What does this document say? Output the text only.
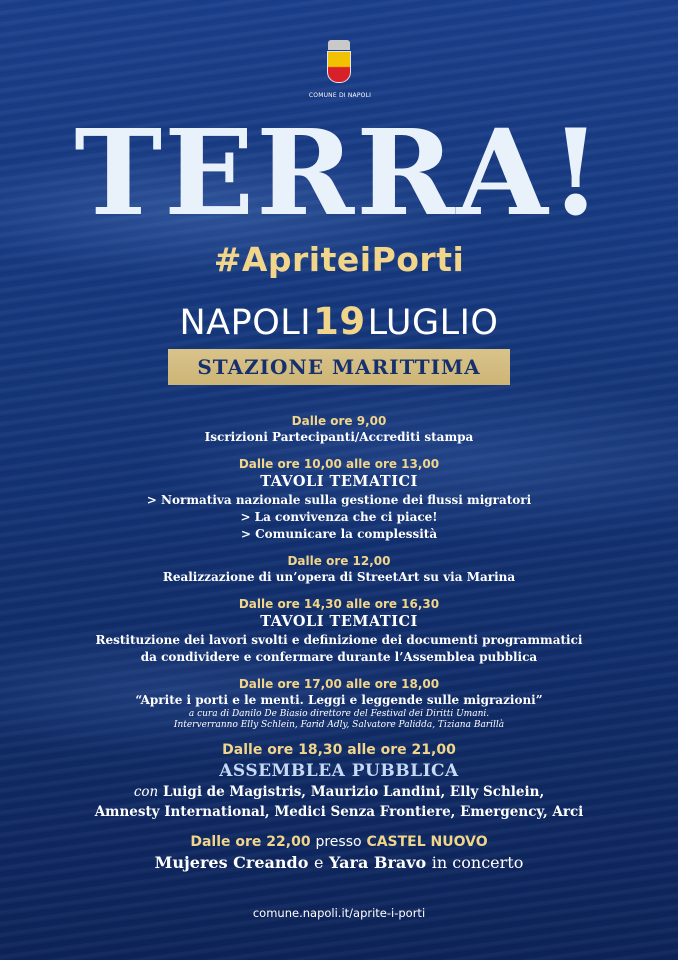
COMUNE DI NAPOLI
TERRA!
#ApriteiPorti
NAPOLI19LUGLIO
STAZIONE MARITTIMA
Dalle ore 9,00
Iscrizioni Partecipanti/Accrediti stampa
Dalle ore 10,00 alle ore 13,00
TAVOLI TEMATICI
> Normativa nazionale sulla gestione dei flussi migratori
> La convivenza che ci piace!
> Comunicare la complessità
Dalle ore 12,00
Realizzazione di un’opera di StreetArt su via Marina
Dalle ore 14,30 alle ore 16,30
TAVOLI TEMATICI
Restituzione dei lavori svolti e definizione dei documenti programmatici
da condividere e confermare durante l’Assemblea pubblica
Dalle ore 17,00 alle ore 18,00
“Aprite i porti e le menti. Leggi e leggende sulle migrazioni”
a cura di Danilo De Biasio direttore del Festival dei Diritti Umani.
Interverranno Elly Schlein, Farid Adly, Salvatore Palidda, Tiziana Barillà
Dalle ore 18,30 alle ore 21,00
ASSEMBLEA PUBBLICA
con Luigi de Magistris, Maurizio Landini, Elly Schlein,
Amnesty International, Medici Senza Frontiere, Emergency, Arci
Dalle ore 22,00 presso CASTEL NUOVO
Mujeres Creando e Yara Bravo in concerto
comune.napoli.it/aprite-i-porti
